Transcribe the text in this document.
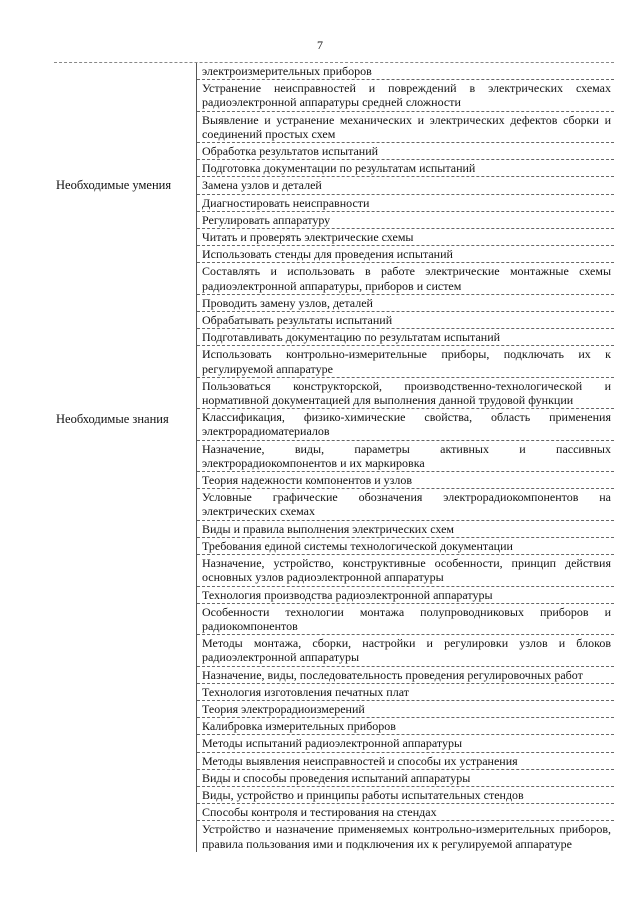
7
электроизмерительных приборов
Устранение неисправностей и повреждений в электрических схемах радиоэлектронной аппаратуры средней сложности
Выявление и устранение механических и электрических дефектов сборки и соединений простых схем
Обработка результатов испытаний
Подготовка документации по результатам испытаний
Замена узлов и деталей
Необходимые умения
Диагностировать неисправности
Регулировать аппаратуру
Читать и проверять электрические схемы
Использовать стенды для проведения испытаний
Составлять и использовать в работе электрические монтажные схемы радиоэлектронной аппаратуры, приборов и систем
Проводить замену узлов, деталей
Обрабатывать результаты испытаний
Подготавливать документацию по результатам испытаний
Использовать контрольно-измерительные приборы, подключать их к регулируемой аппаратуре
Пользоваться конструкторской, производственно-технологической и нормативной документацией для выполнения данной трудовой функции
Необходимые знания	Классификация, физико-химические свойства, область применения электрорадиоматериалов
Назначение, виды, параметры активных и пассивных электрорадиокомпонентов и их маркировка
Теория надежности компонентов и узлов
Условные графические обозначения электрорадиокомпонентов на электрических схемах
Виды и правила выполнения электрических схем
Требования единой системы технологической документации
Назначение, устройство, конструктивные особенности, принцип действия основных узлов радиоэлектронной аппаратуры
Технология производства радиоэлектронной аппаратуры
Особенности технологии монтажа полупроводниковых приборов и радиокомпонентов
Методы монтажа, сборки, настройки и регулировки узлов и блоков радиоэлектронной аппаратуры
Назначение, виды, последовательность проведения регулировочных работ
Технология изготовления печатных плат
Теория электрорадиоизмерений
Калибровка измерительных приборов
Методы испытаний радиоэлектронной аппаратуры
Методы выявления неисправностей и способы их устранения
Виды и способы проведения испытаний аппаратуры
Виды, устройство и принципы работы испытательных стендов
Способы контроля и тестирования на стендах
Устройство и назначение применяемых контрольно-измерительных приборов, правила пользования ими и подключения их к регулируемой аппаратуре
